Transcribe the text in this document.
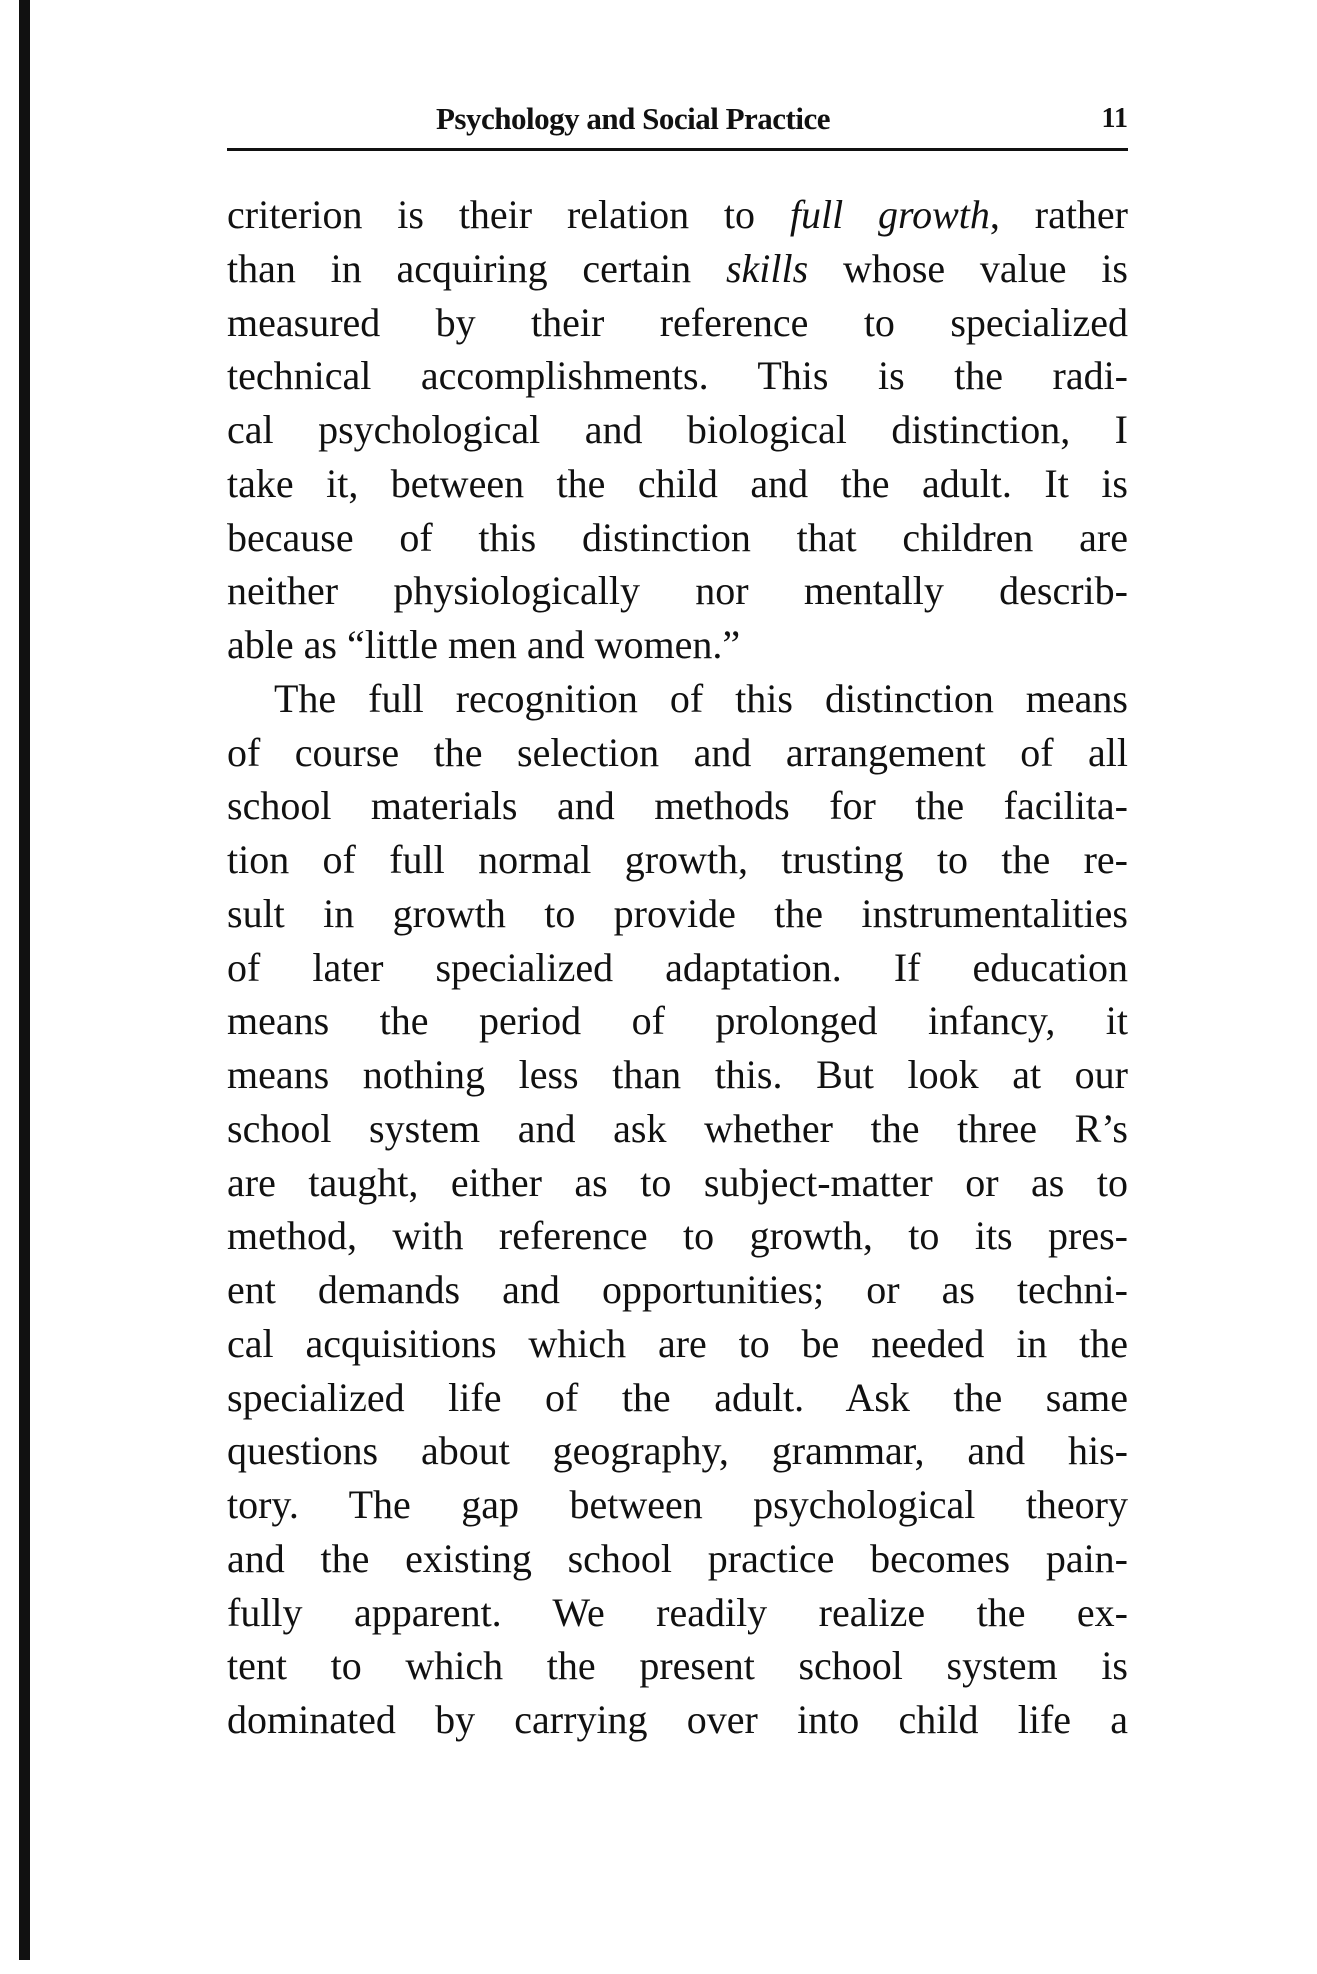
Psychology and Social Practice	11
criterion is their relation to full growth, rather
than in acquiring certain skills whose value is
measured by their reference to specialized
technical accomplishments. This is the radi-
cal psychological and biological distinction, I
take it, between the child and the adult. It is
because of this distinction that children are
neither physiologically nor mentally describ-
able as “little men and women.”
The full recognition of this distinction means
of course the selection and arrangement of all
school materials and methods for the facilita-
tion of full normal growth, trusting to the re-
sult in growth to provide the instrumentalities
of later specialized adaptation. If education
means the period of prolonged infancy, it
means nothing less than this. But look at our
school system and ask whether the three R’s
are taught, either as to subject-matter or as to
method, with reference to growth, to its pres-
ent demands and opportunities; or as techni-
cal acquisitions which are to be needed in the
specialized life of the adult. Ask the same
questions about geography, grammar, and his-
tory. The gap between psychological theory
and the existing school practice becomes pain-
fully apparent. We readily realize the ex-
tent to which the present school system is
dominated by carrying over into child life a
